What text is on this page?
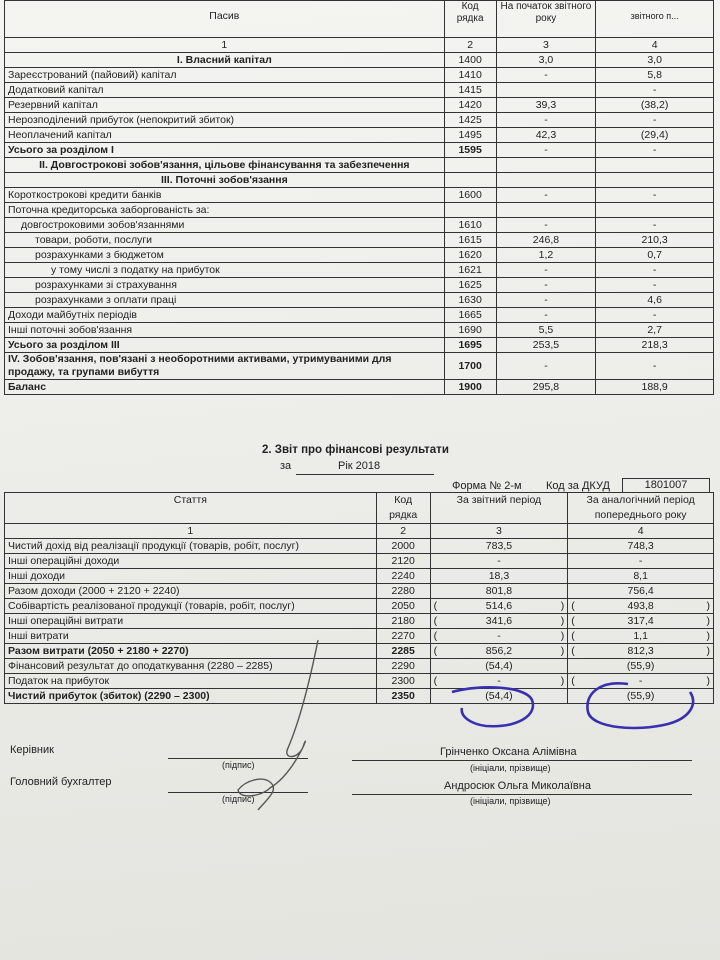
Пасив	Код рядка	На початок звітного року	звітного п...
1	2	3	4
I. Власний капітал	1400	3,0	3,0
Зареєстрований (пайовий) капітал	1410	-	5,8
Додатковий капітал	1415		-
Резервний капітал	1420	39,3	(38,2)
Нерозподілений прибуток (непокритий збиток)	1425	-	-
Неоплачений капітал	1495	42,3	(29,4)
Усього за розділом I	1595	-	-
II. Довгострокові зобов'язання, цільове фінансування та забезпечення			
III. Поточні зобов'язання			
Короткострокові кредити банків	1600	-	-
Поточна кредиторська заборгованість за:			
довгостроковими зобов'язаннями	1610	-	-
товари, роботи, послуги	1615	246,8	210,3
розрахунками з бюджетом	1620	1,2	0,7
у тому числі з податку на прибуток	1621	-	-
розрахунками зі страхування	1625	-	-
розрахунками з оплати праці	1630	-	4,6
Доходи майбутніх періодів	1665	-	-
Інші поточні зобов'язання	1690	5,5	2,7
Усього за розділом III	1695	253,5	218,3
IV. Зобов'язання, пов'язані з необоротними активами, утримуваними для продажу, та групами вибуття	1700	-	-
Баланс	1900	295,8	188,9
2. Звіт про фінансові результати
за	Рік 2018
Форма № 2-м Код за ДКУД	1801007
Стаття	Код рядка	За звітний період	За аналогічний період попереднього року
1	2	3	4
Чистий дохід від реалізації продукції (товарів, робіт, послуг)	2000	783,5	748,3
Інші операційні доходи	2120	-	-
Інші доходи	2240	18,3	8,1
Разом доходи (2000 + 2120 + 2240)	2280	801,8	756,4
Собівартість реалізованої продукції (товарів, робіт, послуг)	2050	( 514,6 )	( 493,8 )

Інші операційні витрати	2180	( 341,6 )	( 317,4 )

Інші витрати	2270	( - )	( 1,1 )

Разом витрати (2050 + 2180 + 2270)	2285	( 856,2 )	( 812,3 )

Фінансовий результат до оподаткування (2280 – 2285)	2290	(54,4)	(55,9)
Податок на прибуток	2300	( - )	( - )

Чистий прибуток (збиток) (2290 – 2300)	2350	(54,4)	(55,9)
Керівник
(підпис)
Грінченко Оксана Алімівна
(ініціали, прізвище)
Головний бухгалтер
(підпис)
Андросюк Ольга Миколаївна
(ініціали, прізвище)
